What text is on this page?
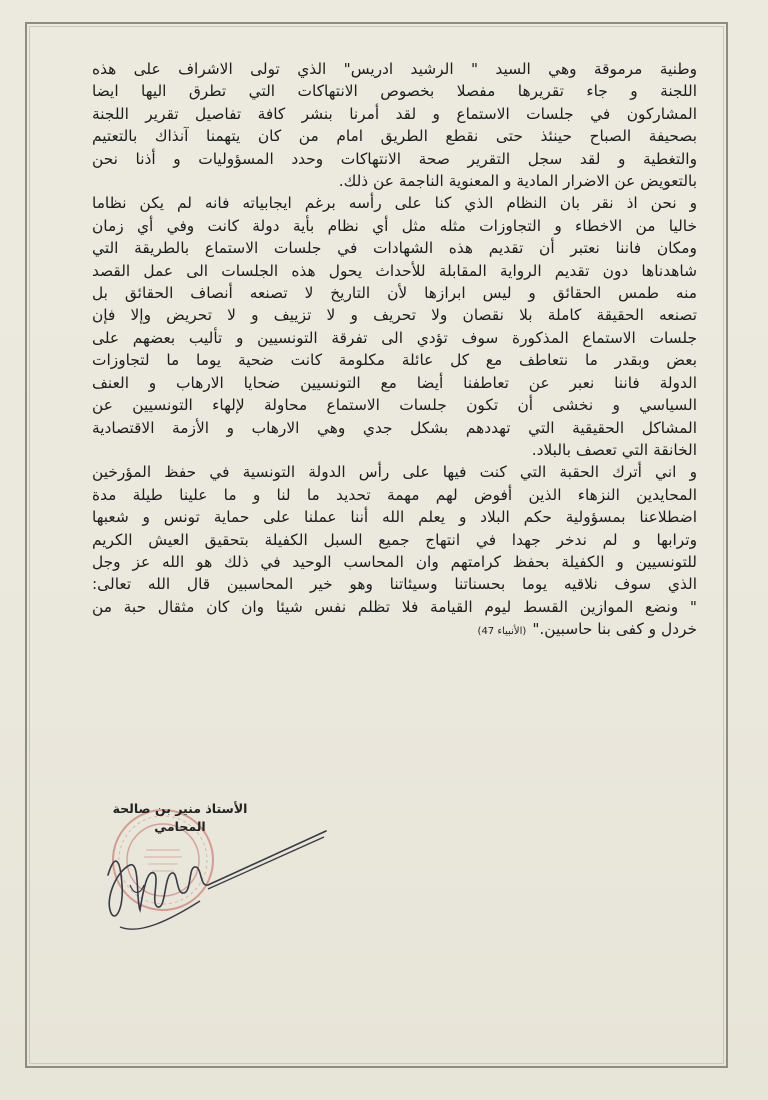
وطنية مرموقة وهي السيد " الرشيد ادريس" الذي تولى الاشراف على هذه
اللجنة و جاء تقريرها مفصلا بخصوص الانتهاكات التي تطرق اليها ايضا
المشاركون في جلسات الاستماع و لقد أمرنا بنشر كافة تفاصيل تقرير اللجنة
بصحيفة الصباح حينئذ حتى نقطع الطريق امام من كان يتهمنا آنذاك بالتعتيم
والتغطية و لقد سجل التقرير صحة الانتهاكات وحدد المسؤوليات و أذنا نحن
بالتعويض عن الاضرار المادية و المعنوية الناجمة عن ذلك.

و نحن اذ نقر بان النظام الذي كنا على رأسه برغم ايجابياته فانه لم يكن نظاما
خاليا من الاخطاء و التجاوزات مثله مثل أي نظام بأية دولة كانت وفي أي زمان
ومكان فاننا نعتبر أن تقديم هذه الشهادات في جلسات الاستماع بالطريقة التي
شاهدناها دون تقديم الرواية المقابلة للأحداث يحول هذه الجلسات الى عمل القصد
منه طمس الحقائق و ليس ابرازها لأن التاريخ لا تصنعه أنصاف الحقائق بل
تصنعه الحقيقة كاملة بلا نقصان ولا تحريف و لا تزييف و لا تحريض وإلا فإن
جلسات الاستماع المذكورة سوف تؤدي الى تفرقة التونسيين و تأليب بعضهم على
بعض وبقدر ما نتعاطف مع كل عائلة مكلومة كانت ضحية يوما ما لتجاوزات
الدولة فاننا نعبر عن تعاطفنا أيضا مع التونسيين ضحايا الارهاب و العنف
السياسي و نخشى أن تكون جلسات الاستماع محاولة لإلهاء التونسيين عن
المشاكل الحقيقية التي تهددهم بشكل جدي وهي الارهاب و الأزمة الاقتصادية
الخانقة التي تعصف بالبلاد.

و اني أترك الحقبة التي كنت فيها على رأس الدولة التونسية في حفظ المؤرخين
المحايدين النزهاء الذين أفوض لهم مهمة تحديد ما لنا و ما علينا طيلة مدة
اضطلاعنا بمسؤولية حكم البلاد و يعلم الله أننا عملنا على حماية تونس و شعبها
وترابها و لم ندخر جهدا في انتهاج جميع السبل الكفيلة بتحقيق العيش الكريم
للتونسيين و الكفيلة بحفظ كرامتهم وان المحاسب الوحيد في ذلك هو الله عز وجل
الذي سوف نلاقيه يوما بحسناتنا وسيئاتنا وهو خير المحاسبين قال الله تعالى:
" ونضع الموازين القسط ليوم القيامة فلا تظلم نفس شيئا وان كان مثقال حبة من
خردل و كفى بنا حاسبين."(الأنبياء 47)

الأستاذ منير بن صالحة
المحامي
